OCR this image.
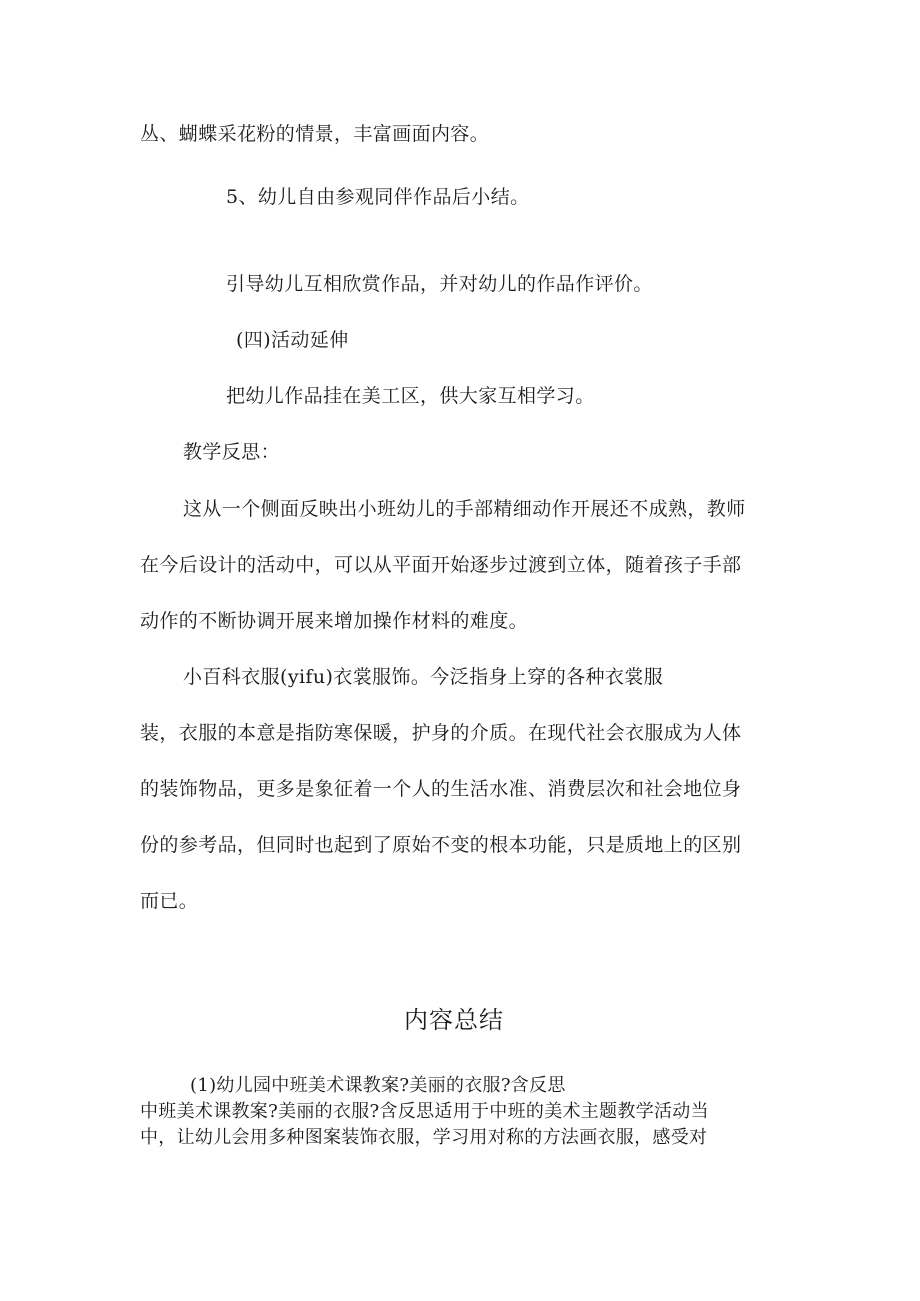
丛、蝴蝶采花粉的情景，丰富画面内容。
5、幼儿自由参观同伴作品后小结。
引导幼儿互相欣赏作品，并对幼儿的作品作评价。
(四)活动延伸
把幼儿作品挂在美工区，供大家互相学习。
教学反思：
这从一个侧面反映出小班幼儿的手部精细动作开展还不成熟，教师
在今后设计的活动中，可以从平面开始逐步过渡到立体，随着孩子手部
动作的不断协调开展来增加操作材料的难度。
小百科衣服(yifu)衣裳服饰。今泛指身上穿的各种衣裳服
装，衣服的本意是指防寒保暖，护身的介质。在现代社会衣服成为人体
的装饰物品，更多是象征着一个人的生活水准、消费层次和社会地位身
份的参考品，但同时也起到了原始不变的根本功能，只是质地上的区别
而已。
内容总结
(1)幼儿园中班美术课教案?美丽的衣服?含反思
中班美术课教案?美丽的衣服?含反思适用于中班的美术主题教学活动当
中，让幼儿会用多种图案装饰衣服，学习用对称的方法画衣服，感受对
